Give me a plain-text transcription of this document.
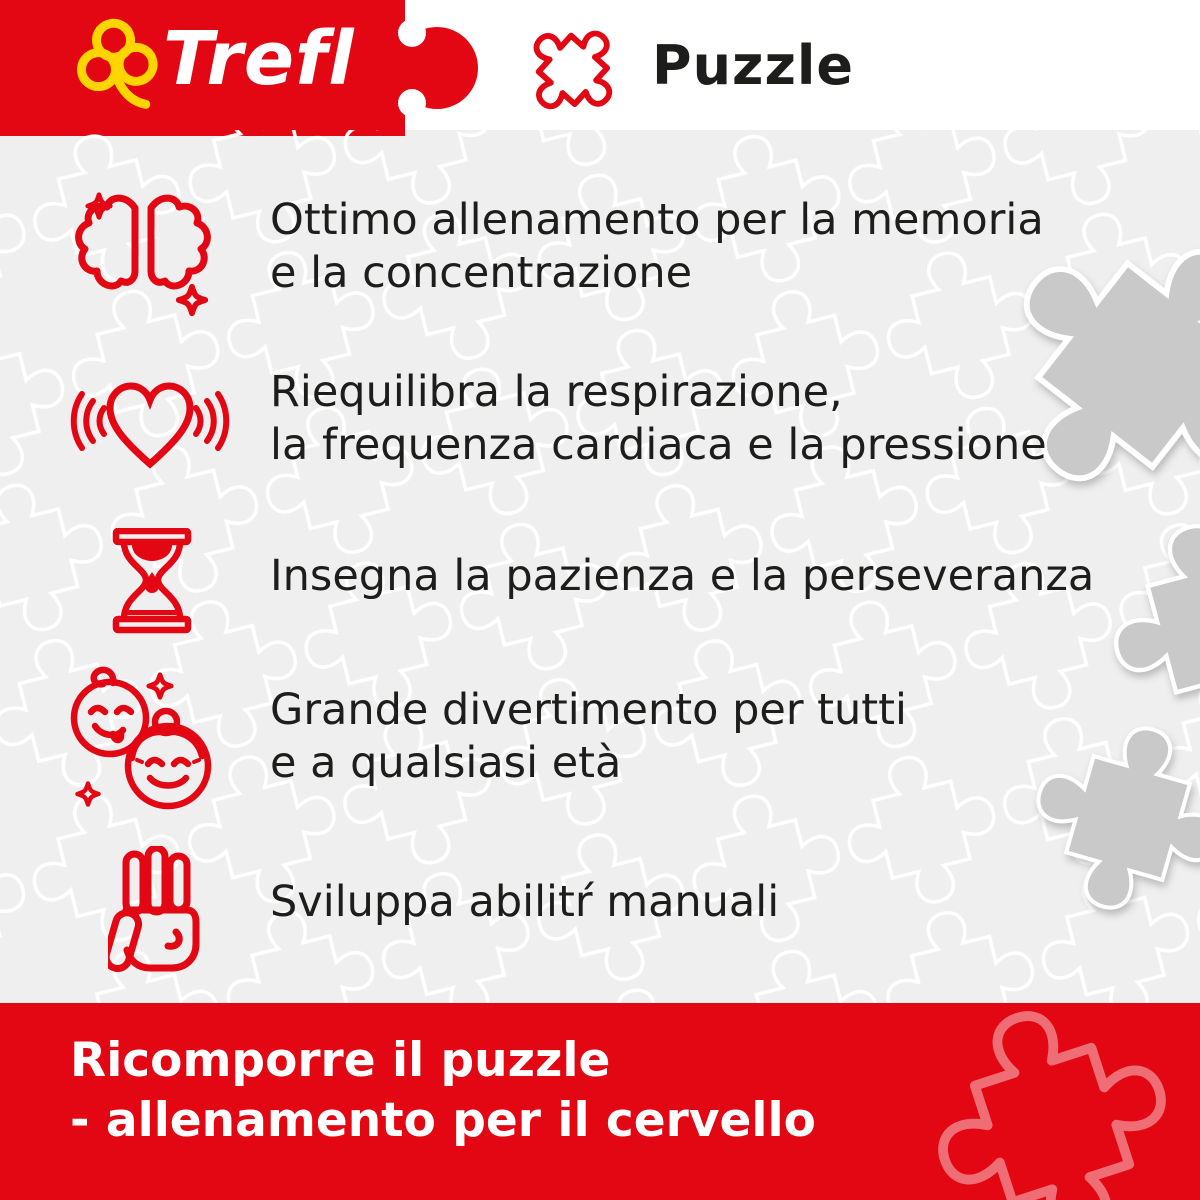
Trefl	Puzzle
Ottimo allenamento per la memoria
e la concentrazione
Riequilibra la respirazione,
la frequenza cardiaca e la pressione
Insegna la pazienza e la perseveranza
Grande divertimento per tutti
e a qualsiasi età
Sviluppa abilitŕ manuali
Ricomporre il puzzle
- allenamento per il cervello
